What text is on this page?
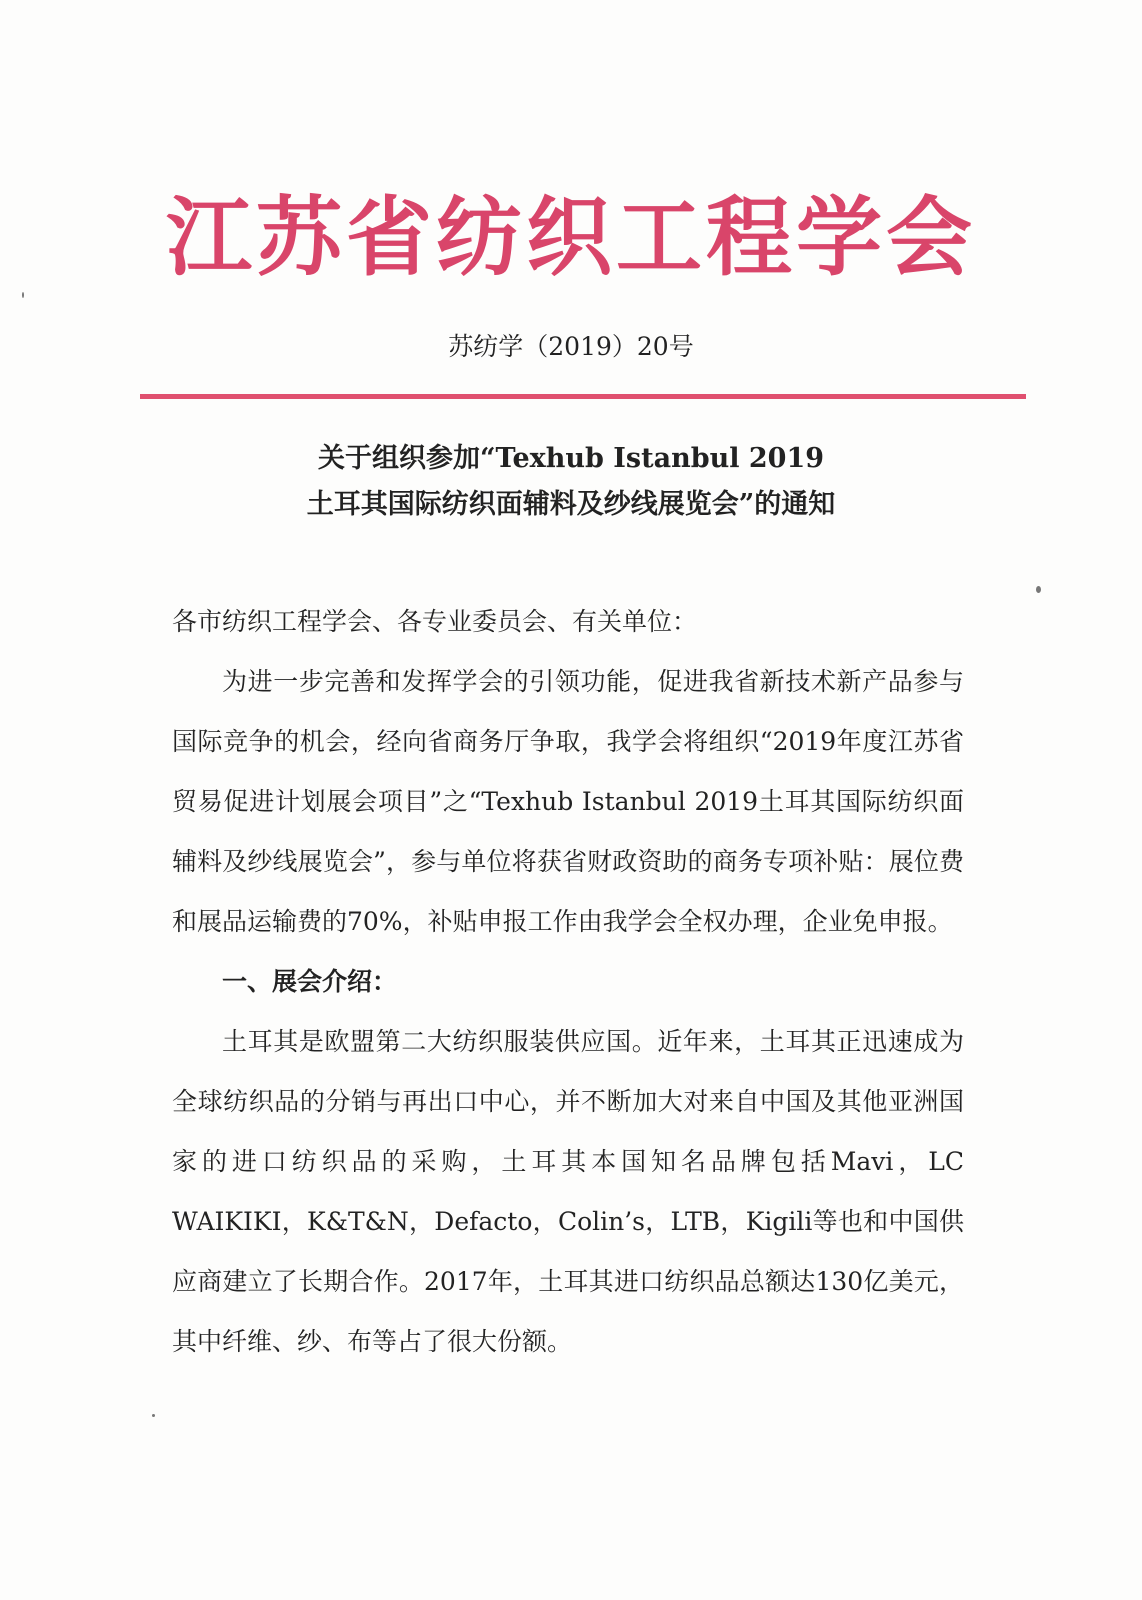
江苏省纺织工程学会
苏纺学（2019）20号
关于组织参加“Texhub Istanbul 2019
土耳其国际纺织面辅料及纱线展览会”的通知

各市纺织工程学会、各专业委员会、有关单位：

为进一步完善和发挥学会的引领功能，促进我省新技术新产品参与国际竞争的机会，经向省商务厅争取，我学会将组织“2019年度江苏省贸易促进计划展会项目”之“Texhub Istanbul 2019土耳其国际纺织面辅料及纱线展览会”，参与单位将获省财政资助的商务专项补贴：展位费和展品运输费的70%，补贴申报工作由我学会全权办理，企业免申报。

一、展会介绍：

土耳其是欧盟第二大纺织服装供应国。近年来，土耳其正迅速成为全球纺织品的分销与再出口中心，并不断加大对来自中国及其他亚洲国家的进口纺织品的采购，土耳其本国知名品牌包括Mavi，LC WAIKIKI，K&T&N，Defacto，Colin’s，LTB，Kigili等也和中国供应商建立了长期合作。2017年，土耳其进口纺织品总额达130亿美元，其中纤维、纱、布等占了很大份额。
